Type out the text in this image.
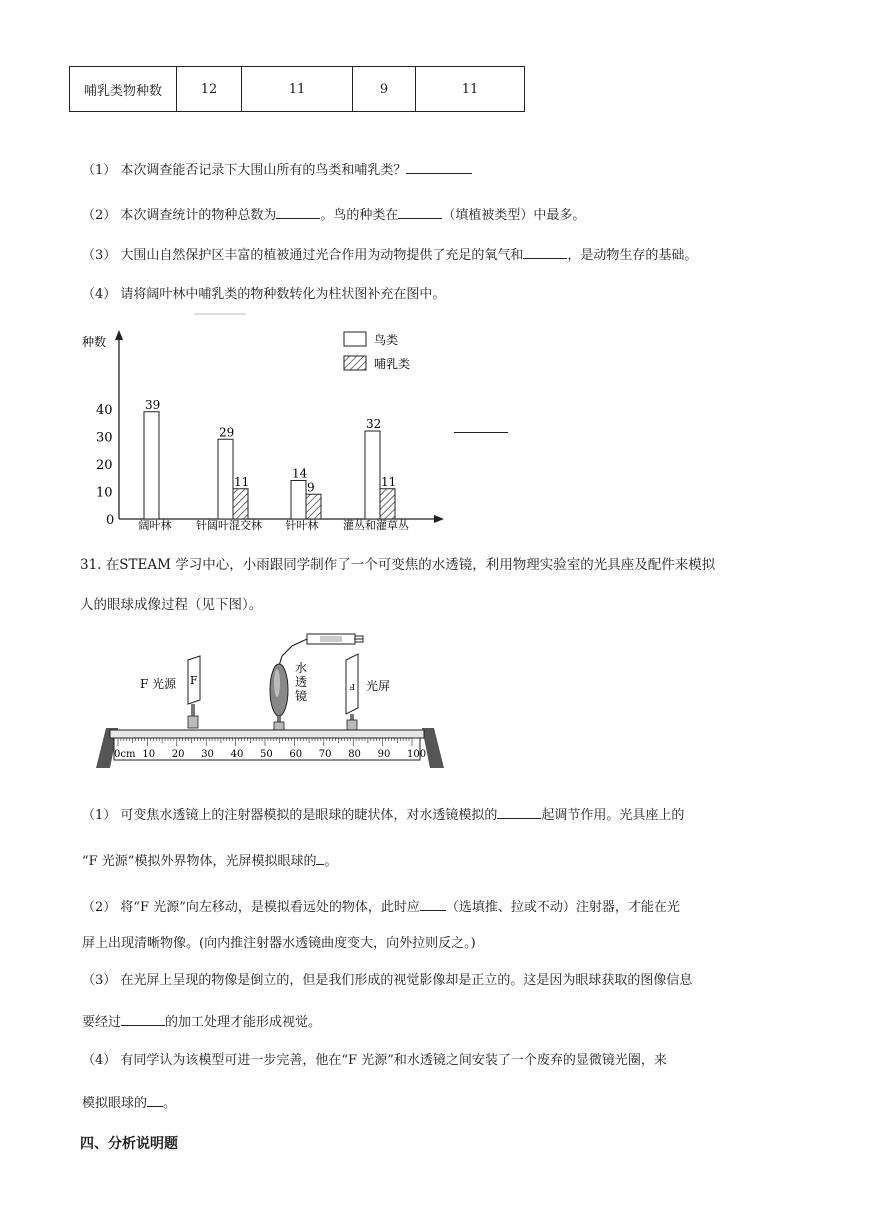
哺乳类物种数	12	11	9	11
（1） 本次调查能否记录下大围山所有的鸟类和哺乳类？
（2） 本次调查统计的物种总数为	。鸟的种类在	（填植被类型）中最多。
（3） 大围山自然保护区丰富的植被通过光合作用为动物提供了充足的氧气和	，是动物生存的基础。
（4） 请将阔叶林中哺乳类的物种数转化为柱状图补充在图中。
种数
0
10
20
30
40	39
29
11
14
9
32
11
阔叶林 针阔叶混交林 针叶林 灌丛和灌草丛
鸟类
哺乳类
31. 在STEAM 学习中心，小雨跟同学制作了一个可变焦的水透镜，利用物理实验室的光具座及配件来模拟
人的眼球成像过程（见下图）。
F 光源 F
水
透
镜
F 光屏
0cm 10 20 30 40 50 60 70 80 90 100
（1） 可变焦水透镜上的注射器模拟的是眼球的睫状体，对水透镜模拟的	起调节作用。光具座上的
“F 光源”模拟外界物体，光屏模拟眼球的 。
（2） 将“F 光源”向左移动，是模拟看远处的物体，此时应 （选填推、拉或不动）注射器，才能在光
屏上出现清晰物像。(向内推注射器水透镜曲度变大，向外拉则反之。)
（3） 在光屏上呈现的物像是倒立的，但是我们形成的视觉影像却是正立的。这是因为眼球获取的图像信息
要经过	的加工处理才能形成视觉。
（4） 有同学认为该模型可进一步完善，他在“F 光源”和水透镜之间安装了一个废弃的显微镜光圈，来
模拟眼球的 。
四、分析说明题
